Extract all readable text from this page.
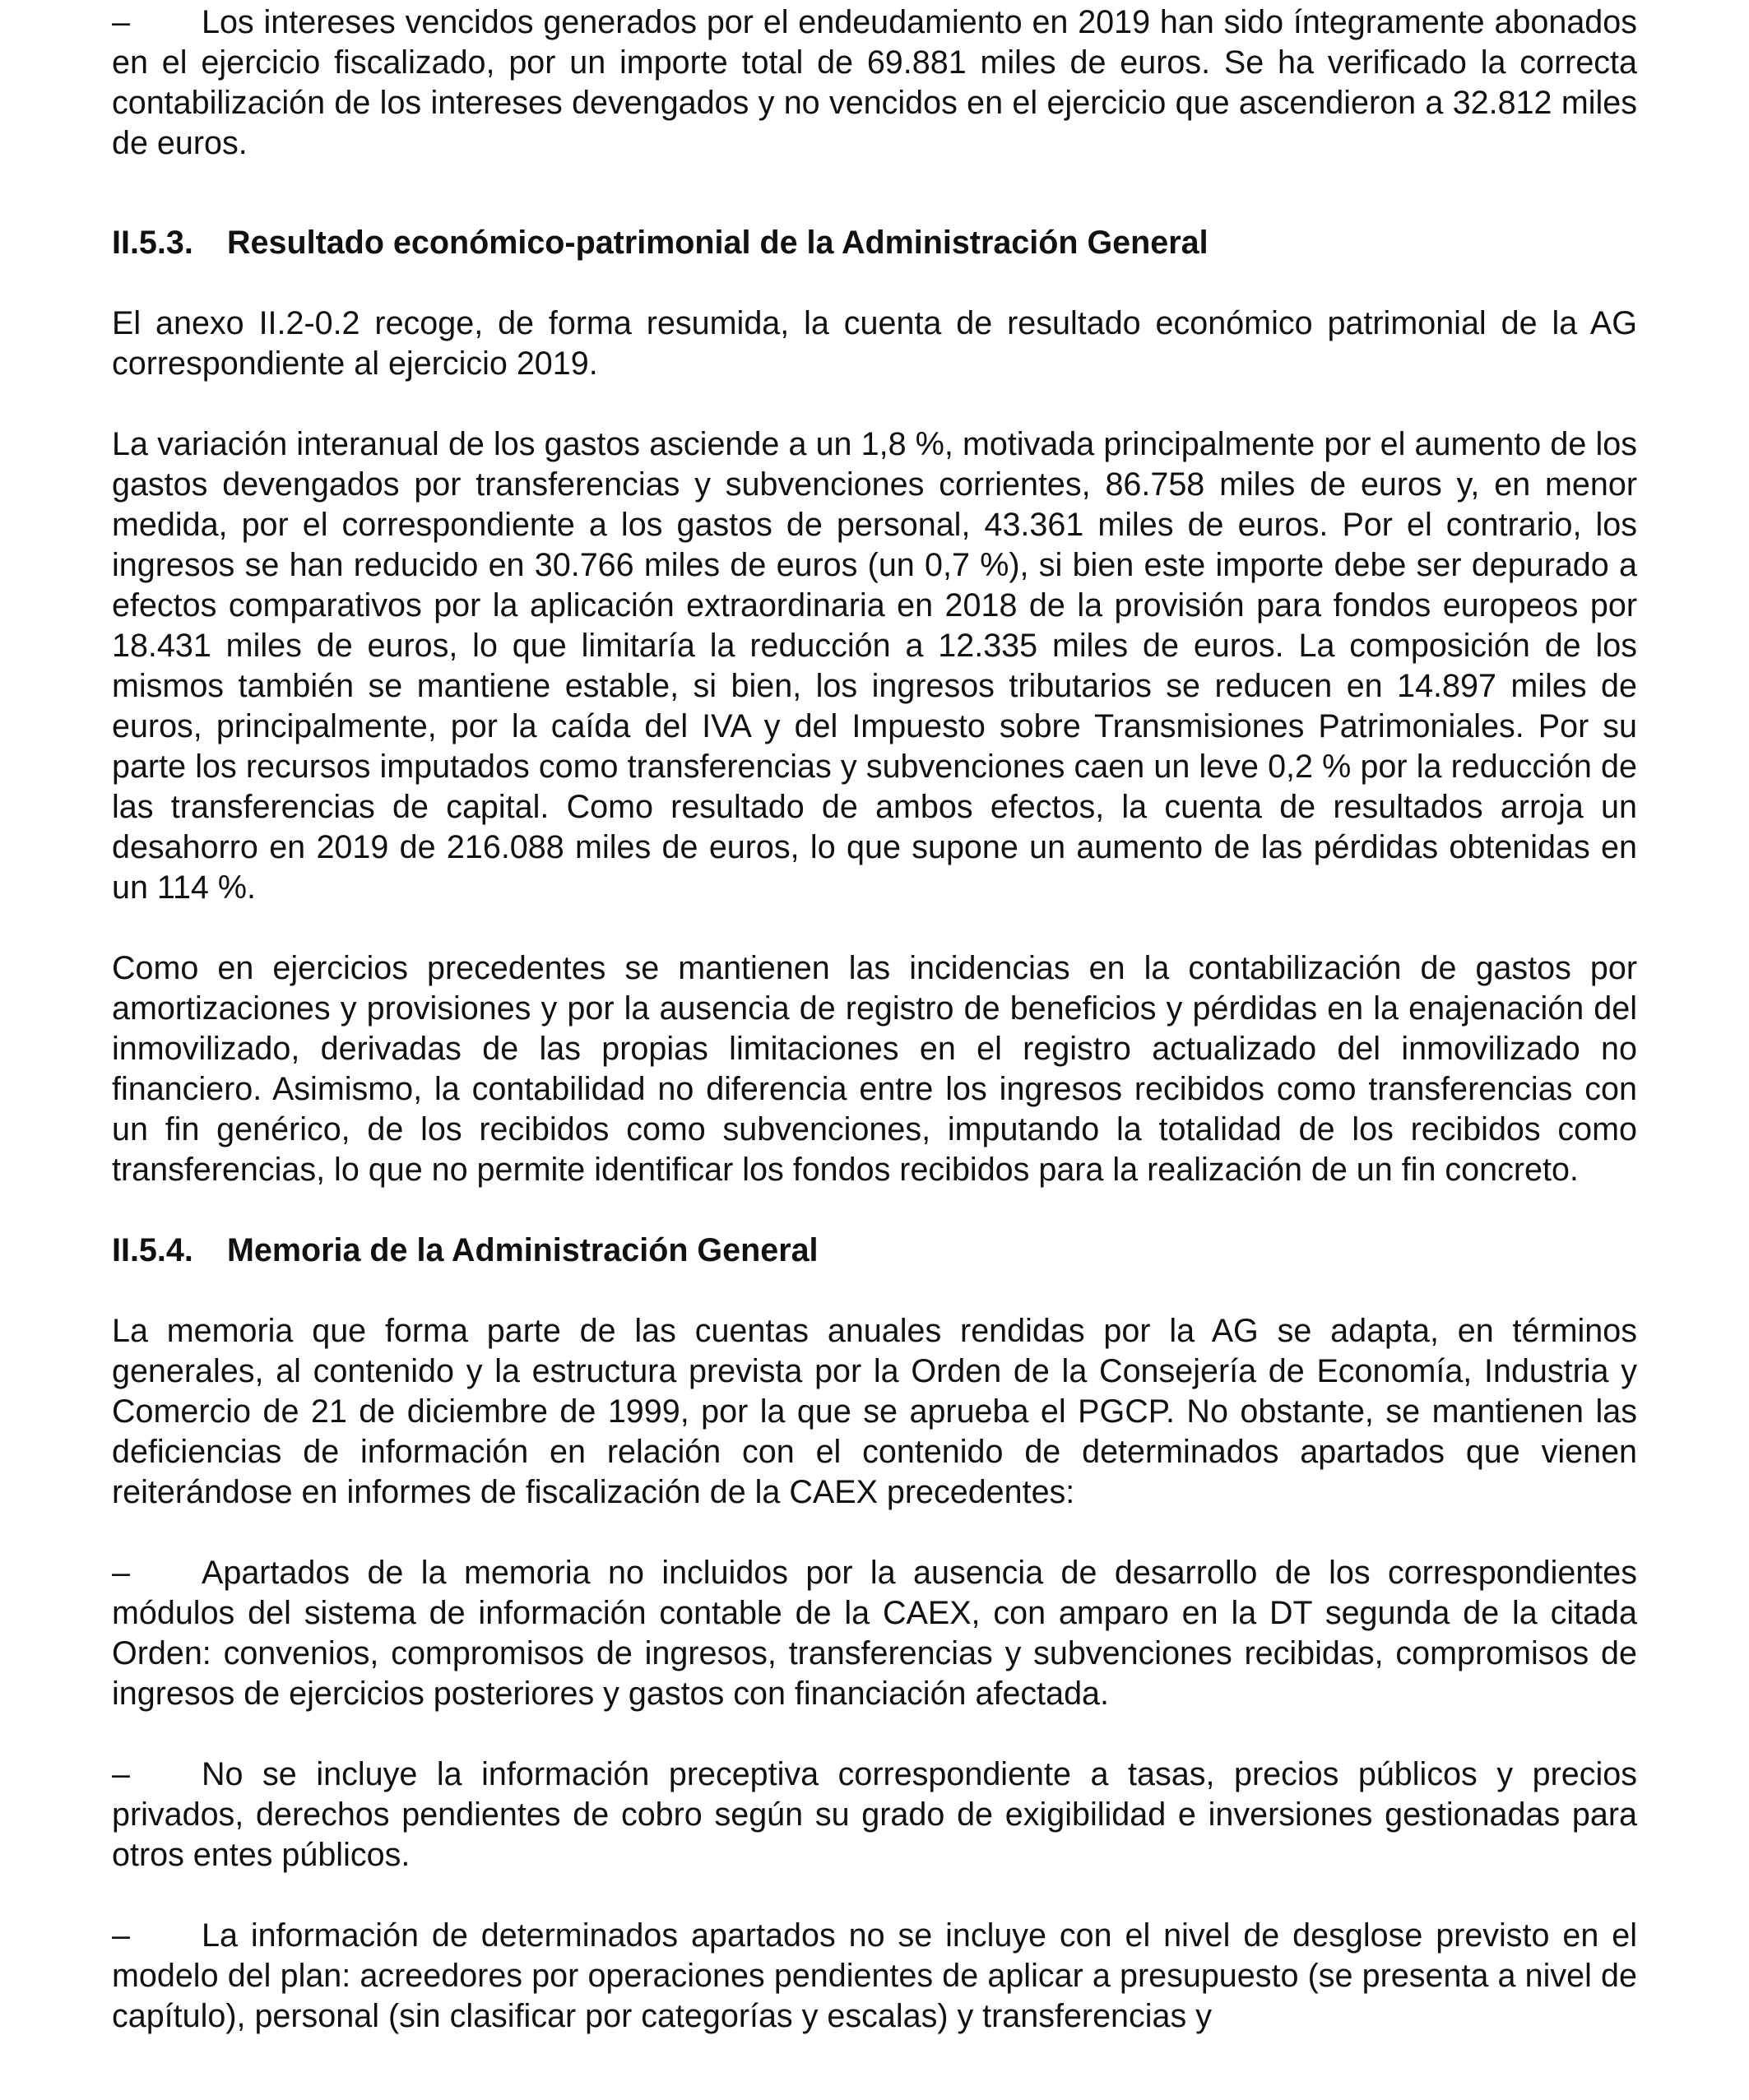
– Los intereses vencidos generados por el endeudamiento en 2019 han sido íntegramente abonados en el ejercicio fiscalizado, por un importe total de 69.881 miles de euros. Se ha verificado la correcta contabilización de los intereses devengados y no vencidos en el ejercicio que ascendieron a 32.812 miles de euros.

II.5.3. Resultado económico-patrimonial de la Administración General

El anexo II.2-0.2 recoge, de forma resumida, la cuenta de resultado económico patrimonial de la AG correspondiente al ejercicio 2019.

La variación interanual de los gastos asciende a un 1,8 %, motivada principalmente por el aumento de los gastos devengados por transferencias y subvenciones corrientes, 86.758 miles de euros y, en menor medida, por el correspondiente a los gastos de personal, 43.361 miles de euros. Por el contrario, los ingresos se han reducido en 30.766 miles de euros (un 0,7 %), si bien este importe debe ser depurado a efectos comparativos por la aplicación extraordinaria en 2018 de la provisión para fondos europeos por 18.431 miles de euros, lo que limitaría la reducción a 12.335 miles de euros. La composición de los mismos también se mantiene estable, si bien, los ingresos tributarios se reducen en 14.897 miles de euros, principalmente, por la caída del IVA y del Impuesto sobre Transmisiones Patrimoniales. Por su parte los recursos imputados como transferencias y subvenciones caen un leve 0,2 % por la reducción de las transferencias de capital. Como resultado de ambos efectos, la cuenta de resultados arroja un desahorro en 2019 de 216.088 miles de euros, lo que supone un aumento de las pérdidas obtenidas en un 114 %.

Como en ejercicios precedentes se mantienen las incidencias en la contabilización de gastos por amortizaciones y provisiones y por la ausencia de registro de beneficios y pérdidas en la enajenación del inmovilizado, derivadas de las propias limitaciones en el registro actualizado del inmovilizado no financiero. Asimismo, la contabilidad no diferencia entre los ingresos recibidos como transferencias con un fin genérico, de los recibidos como subvenciones, imputando la totalidad de los recibidos como transferencias, lo que no permite identificar los fondos recibidos para la realización de un fin concreto.

II.5.4. Memoria de la Administración General

La memoria que forma parte de las cuentas anuales rendidas por la AG se adapta, en términos generales, al contenido y la estructura prevista por la Orden de la Consejería de Economía, Industria y Comercio de 21 de diciembre de 1999, por la que se aprueba el PGCP. No obstante, se mantienen las deficiencias de información en relación con el contenido de determinados apartados que vienen reiterándose en informes de fiscalización de la CAEX precedentes:

– Apartados de la memoria no incluidos por la ausencia de desarrollo de los correspondientes módulos del sistema de información contable de la CAEX, con amparo en la DT segunda de la citada Orden: convenios, compromisos de ingresos, transferencias y subvenciones recibidas, compromisos de ingresos de ejercicios posteriores y gastos con financiación afectada.

– No se incluye la información preceptiva correspondiente a tasas, precios públicos y precios privados, derechos pendientes de cobro según su grado de exigibilidad e inversiones gestionadas para otros entes públicos.

– La información de determinados apartados no se incluye con el nivel de desglose previsto en el modelo del plan: acreedores por operaciones pendientes de aplicar a presupuesto (se presenta a nivel de capítulo), personal (sin clasificar por categorías y escalas) y transferencias y
